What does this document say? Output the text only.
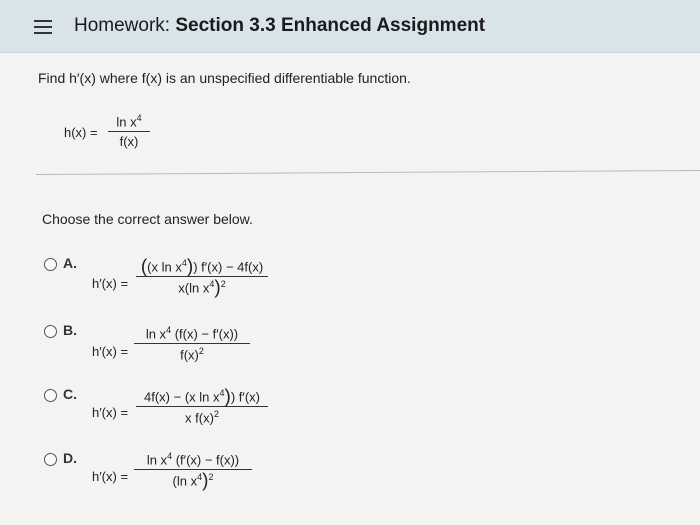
Homework: Section 3.3 Enhanced Assignment
Find h′(x) where f(x) is an unspecified differentiable function.
h(x) =
$\ln x^4$
f(x)
Choose the correct answer below.
A.
h′(x) =
((x $\ln x^4$)) f′(x) − 4f(x)
x(ln $x^4)^2$
B.
h′(x) =
$\ln x^4$ (f(x) − f′(x))
$f(x)^2$
C.
h′(x) =
4f(x) − (x $\ln x^4$)) f′(x)
x $f(x)^2$
D.
h′(x) =
$\ln x^4$ (f′(x) − f(x))
(ln $x^4)^2$
